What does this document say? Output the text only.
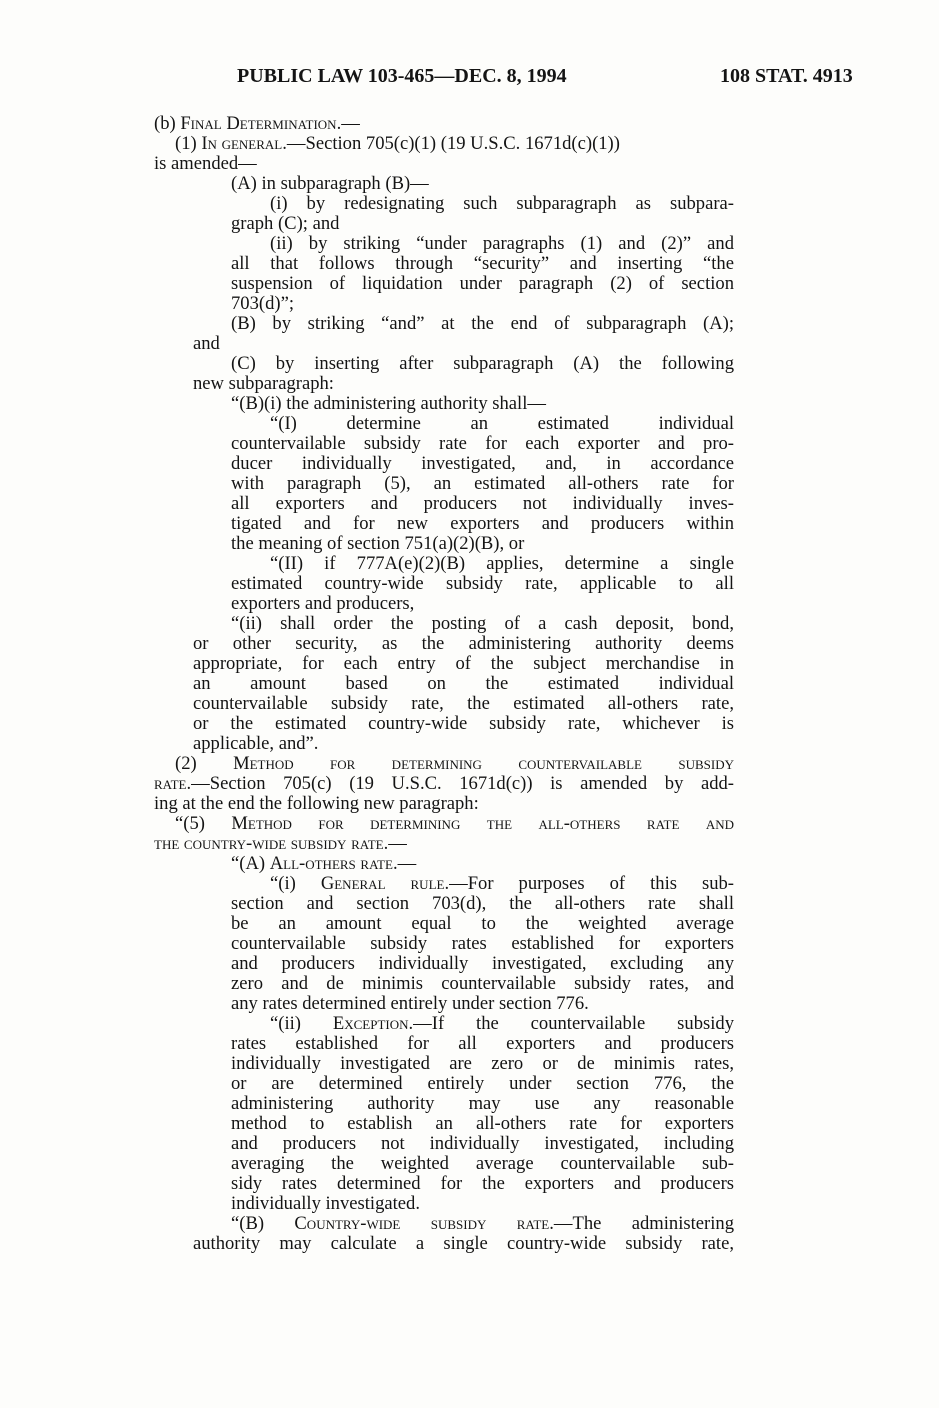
PUBLIC LAW 103-465—DEC. 8, 1994	108 STAT. 4913
(b) Final Determination.—
(1) In general.—Section 705(c)(1) (19 U.S.C. 1671d(c)(1))
is amended—
(A) in subparagraph (B)—
(i) by redesignating such subparagraph as subpara-
graph (C); and
(ii) by striking “under paragraphs (1) and (2)” and
all that follows through “security” and inserting “the
suspension of liquidation under paragraph (2) of section
703(d)”;
(B) by striking “and” at the end of subparagraph (A);
and
(C) by inserting after subparagraph (A) the following
new subparagraph:
“(B)(i) the administering authority shall—
“(I) determine an estimated individual
countervailable subsidy rate for each exporter and pro-
ducer individually investigated, and, in accordance
with paragraph (5), an estimated all-others rate for
all exporters and producers not individually inves-
tigated and for new exporters and producers within
the meaning of section 751(a)(2)(B), or
“(II) if 777A(e)(2)(B) applies, determine a single
estimated country-wide subsidy rate, applicable to all
exporters and producers,
“(ii) shall order the posting of a cash deposit, bond,
or other security, as the administering authority deems
appropriate, for each entry of the subject merchandise in
an amount based on the estimated individual
countervailable subsidy rate, the estimated all-others rate,
or the estimated country-wide subsidy rate, whichever is
applicable, and”.
(2) Method for determining countervailable subsidy
rate.—Section 705(c) (19 U.S.C. 1671d(c)) is amended by add-
ing at the end the following new paragraph:
“(5) Method for determining the all-others rate and
the country-wide subsidy rate.—
“(A) All-others rate.—
“(i) General rule.—For purposes of this sub-
section and section 703(d), the all-others rate shall
be an amount equal to the weighted average
countervailable subsidy rates established for exporters
and producers individually investigated, excluding any
zero and de minimis countervailable subsidy rates, and
any rates determined entirely under section 776.
“(ii) Exception.—If the countervailable subsidy
rates established for all exporters and producers
individually investigated are zero or de minimis rates,
or are determined entirely under section 776, the
administering authority may use any reasonable
method to establish an all-others rate for exporters
and producers not individually investigated, including
averaging the weighted average countervailable sub-
sidy rates determined for the exporters and producers
individually investigated.
“(B) Country-wide subsidy rate.—The administering
authority may calculate a single country-wide subsidy rate,
